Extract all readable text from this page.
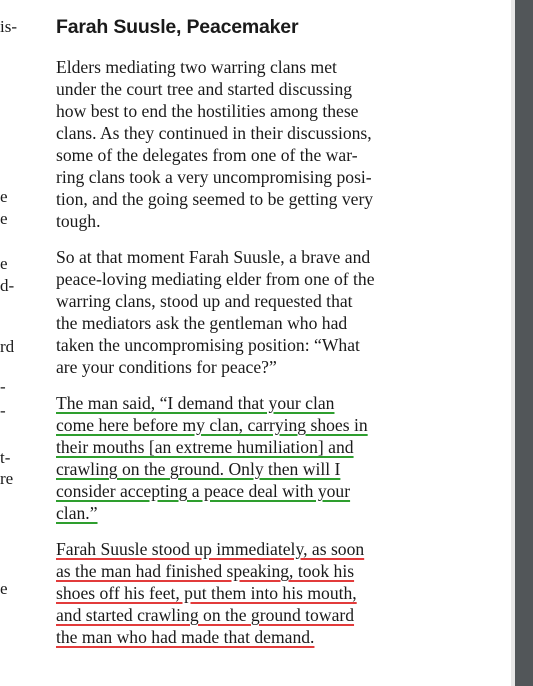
is-
e
e
e
d-
rd
-
-
t-
re
e
Farah Suusle, Peacemaker
Elders mediating two warring clans met
under the court tree and started discussing
how best to end the hostilities among these
clans. As they continued in their discussions,
some of the delegates from one of the war-
ring clans took a very uncompromising posi-
tion, and the going seemed to be getting very
tough.
So at that moment Farah Suusle, a brave and
peace-loving mediating elder from one of the
warring clans, stood up and requested that
the mediators ask the gentleman who had
taken the uncompromising position: “What
are your conditions for peace?”
The man said, “I demand that your clan
come here before my clan, carrying shoes in
their mouths [an extreme humiliation] and
crawling on the ground. Only then will I
consider accepting a peace deal with your
clan.”
Farah Suusle stood up immediately, as soon
as the man had finished speaking, took his
shoes off his feet, put them into his mouth,
and started crawling on the ground toward
the man who had made that demand.
